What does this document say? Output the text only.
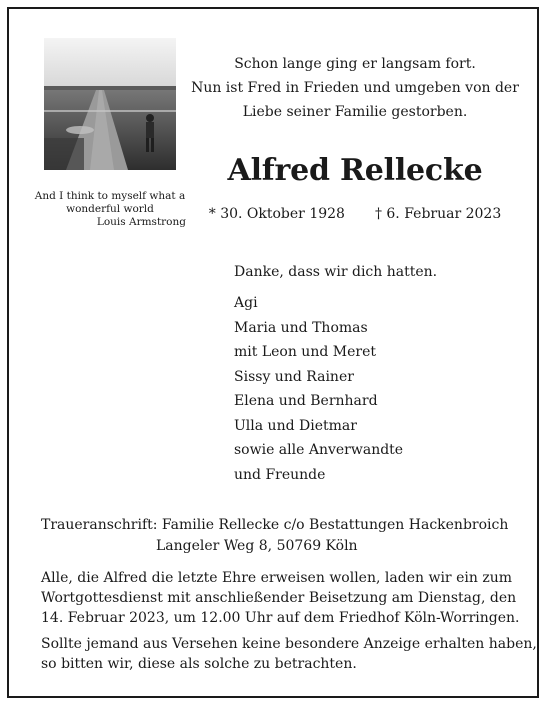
And I think to myself what a
wonderful world
Louis Armstrong
Schon lange ging er langsam fort.
Nun ist Fred in Frieden und umgeben von der
Liebe seiner Familie gestorben.
Alfred Rellecke
* 30. Oktober 1928 † 6. Februar 2023
Danke, dass wir dich hatten.
Agi
Maria und Thomas
mit Leon und Meret
Sissy und Rainer
Elena und Bernhard
Ulla und Dietmar
sowie alle Anverwandte
und Freunde
Traueranschrift: Familie Rellecke c/o Bestattungen Hackenbroich
Langeler Weg 8, 50769 Köln
Alle, die Alfred die letzte Ehre erweisen wollen, laden wir ein zum
Wortgottesdienst mit anschließender Beisetzung am Dienstag, den
14. Februar 2023, um 12.00 Uhr auf dem Friedhof Köln-Worringen.
Sollte jemand aus Versehen keine besondere Anzeige erhalten haben,
so bitten wir, diese als solche zu betrachten.
